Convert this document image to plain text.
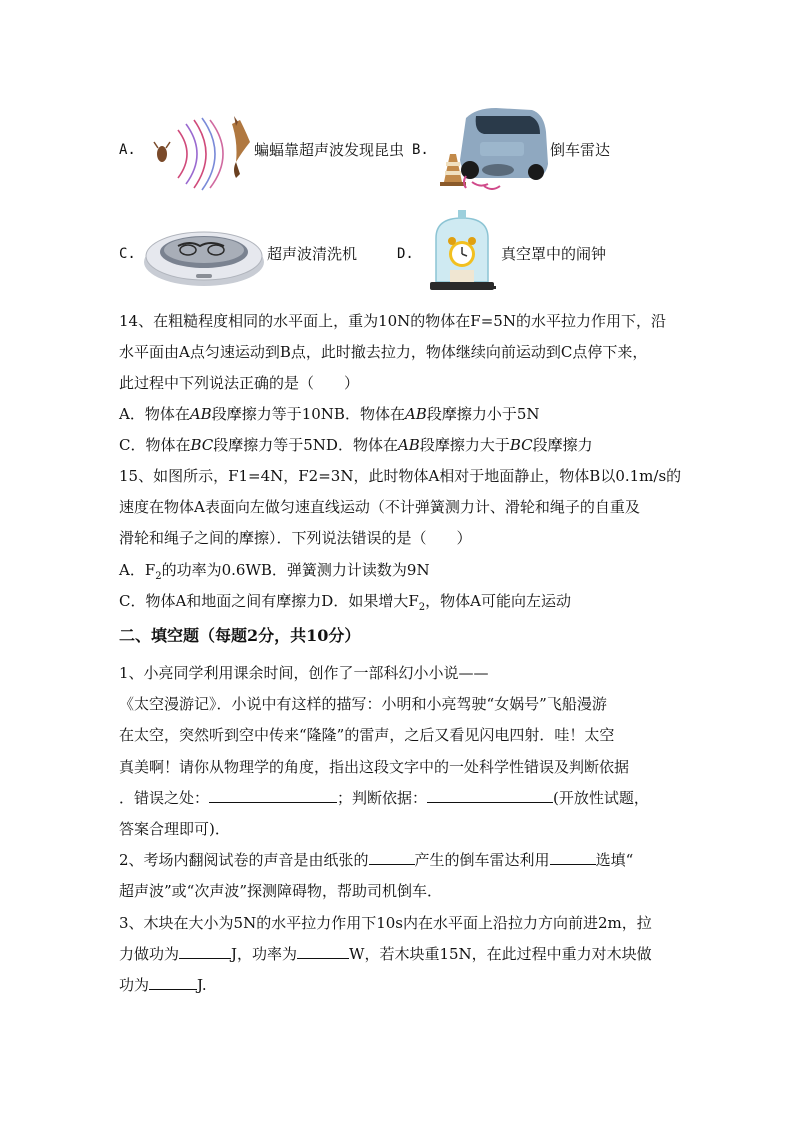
A.	蝙蝠靠超声波发现昆虫 B.	倒车雷达
C.	超声波清洗机	D.	真空罩中的闹钟
14、在粗糙程度相同的水平面上，重为10N的物体在F=5N的水平拉力作用下，沿
水平面由A点匀速运动到B点，此时撤去拉力，物体继续向前运动到C点停下来，
此过程中下列说法正确的是（　　）
A．物体在AB段摩擦力等于10NB．物体在AB段摩擦力小于5N
C．物体在BC段摩擦力等于5ND．物体在AB段摩擦力大于BC段摩擦力
15、如图所示，F1=4N，F2=3N，此时物体A相对于地面静止，物体B以0.1m/s的
速度在物体A表面向左做匀速直线运动（不计弹簧测力计、滑轮和绳子的自重及
滑轮和绳子之间的摩擦）．下列说法错误的是（　　）
A．$F_2$的功率为0.6WB．弹簧测力计读数为9N
C．物体A和地面之间有摩擦力D．如果增大$F_2$，物体A可能向左运动
二、填空题（每题2分，共10分）
1、小亮同学利用课余时间，创作了一部科幻小小说——
《太空漫游记》．小说中有这样的描写：小明和小亮驾驶“女娲号”飞船漫游
在太空，突然听到空中传来“隆隆”的雷声，之后又看见闪电四射．哇！太空
真美啊！请你从物理学的角度，指出这段文字中的一处科学性错误及判断依据
．错误之处：	；判断依据：	(开放性试题，
答案合理即可)．
2、考场内翻阅试卷的声音是由纸张的	产生的倒车雷达利用	选填“
超声波”或“次声波”探测障碍物，帮助司机倒车．
3、木块在大小为5N的水平拉力作用下10s内在水平面上沿拉力方向前进2m，拉
力做功为	J，功率为	W，若木块重15N，在此过程中重力对木块做
功为	J.
